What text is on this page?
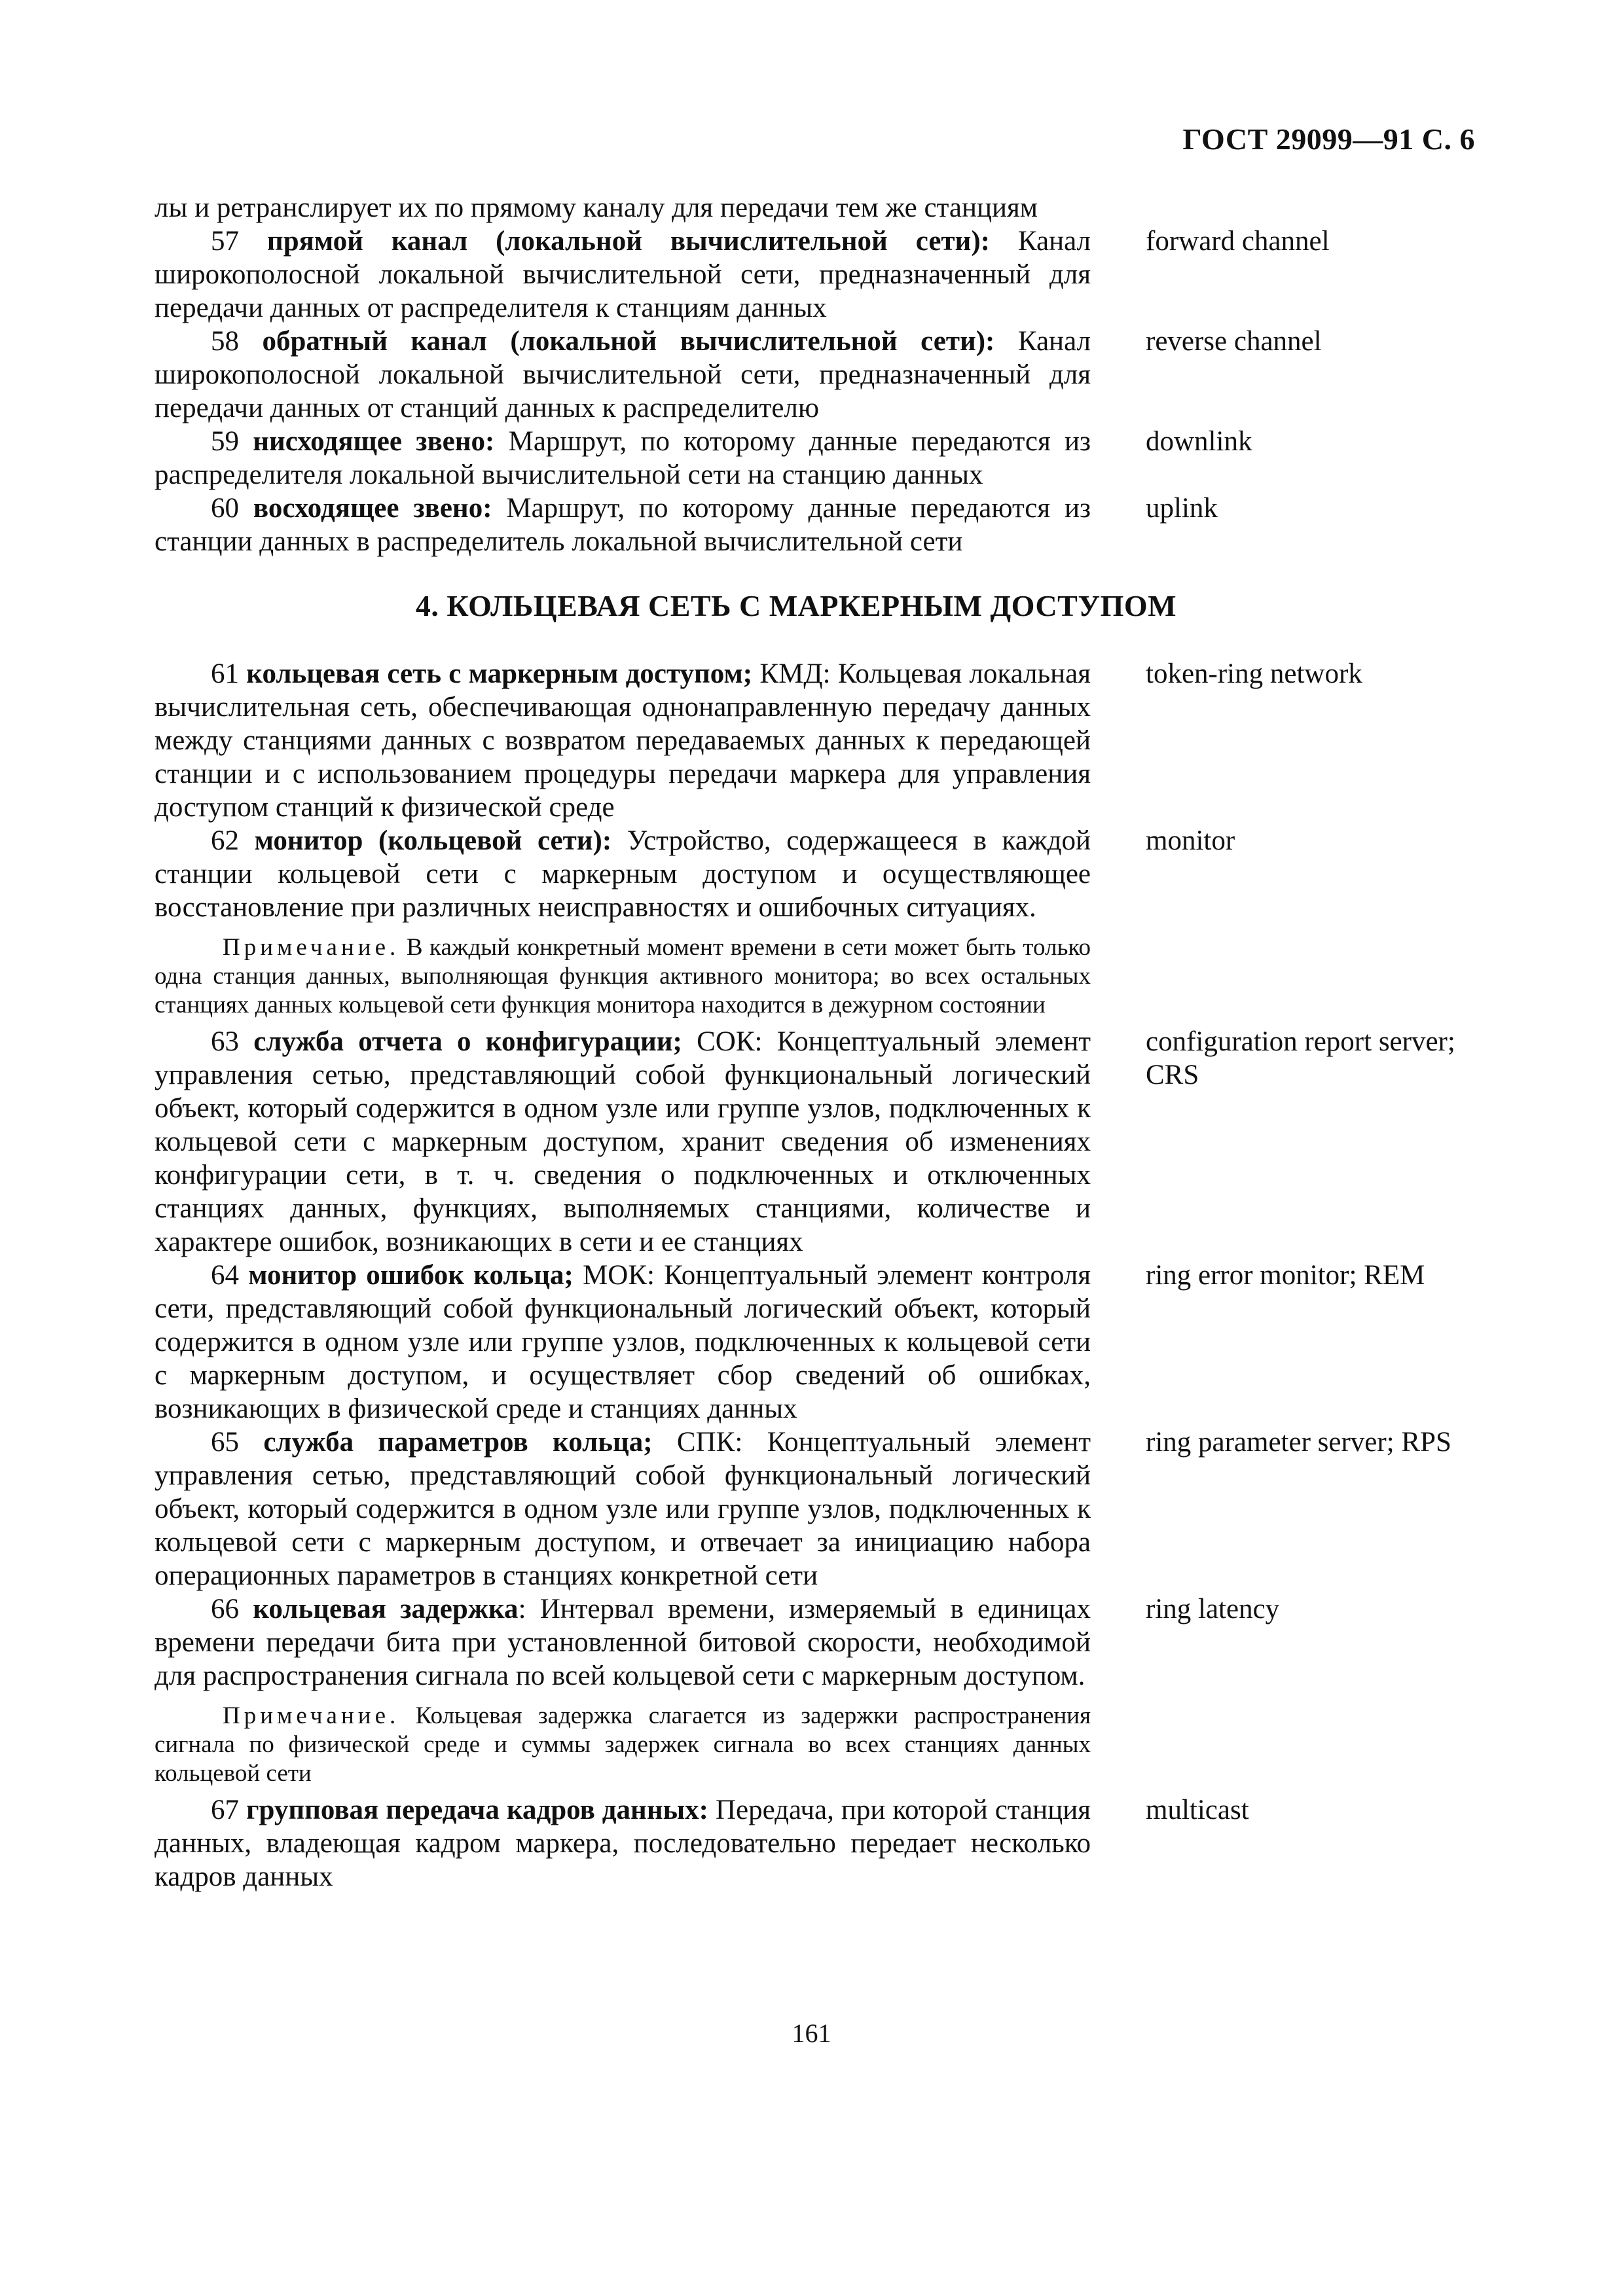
ГОСТ 29099—91 С. 6
лы и ретранслирует их по прямому каналу для передачи тем же станциям
57 прямой канал (локальной вычислительной сети): Канал широкополосной локальной вычислительной сети, предназначенный для передачи данных от распределителя к станциям данных
forward channel
58 обратный канал (локальной вычислительной сети): Канал широкополосной локальной вычислительной сети, предназначенный для передачи данных от станций данных к распределителю
reverse channel
59 нисходящее звено: Маршрут, по которому данные передаются из распределителя локальной вычислительной сети на станцию данных
downlink
60 восходящее звено: Маршрут, по которому данные передаются из станции данных в распределитель локальной вычислительной сети
uplink
4. КОЛЬЦЕВАЯ СЕТЬ С МАРКЕРНЫМ ДОСТУПОМ
61 кольцевая сеть с маркерным доступом; КМД: Кольцевая локальная вычислительная сеть, обеспечивающая однонаправленную передачу данных между станциями данных с возвратом передаваемых данных к передающей станции и с использованием процедуры передачи маркера для управления доступом станций к физической среде
token-ring network
62 монитор (кольцевой сети): Устройство, содержащееся в каждой станции кольцевой сети с маркерным доступом и осуществляющее восстановление при различных неисправностях и ошибочных ситуациях.
monitor
Примечание. В каждый конкретный момент времени в сети может быть только одна станция данных, выполняющая функция активного монитора; во всех остальных станциях данных кольцевой сети функция монитора находится в дежурном состоянии
63 служба отчета о конфигурации; СОК: Концептуальный элемент управления сетью, представляющий собой функциональный логический объект, который содержится в одном узле или группе узлов, подключенных к кольцевой сети с маркерным доступом, хранит сведения об изменениях конфигурации сети, в т. ч. сведения о подключенных и отключенных станциях данных, функциях, выполняемых станциями, количестве и характере ошибок, возникающих в сети и ее станциях
configuration report server; CRS
64 монитор ошибок кольца; МОК: Концептуальный элемент контроля сети, представляющий собой функциональный логический объект, который содержится в одном узле или группе узлов, подключенных к кольцевой сети с маркерным доступом, и осуществляет сбор сведений об ошибках, возникающих в физической среде и станциях данных
ring error monitor; REM
65 служба параметров кольца; СПК: Концептуальный элемент управления сетью, представляющий собой функциональный логический объект, который содержится в одном узле или группе узлов, подключенных к кольцевой сети с маркерным доступом, и отвечает за инициацию набора операционных параметров в станциях конкретной сети
ring parameter server; RPS
66 кольцевая задержка: Интервал времени, измеряемый в единицах времени передачи бита при установленной битовой скорости, необходимой для распространения сигнала по всей кольцевой сети с маркерным доступом.
ring latency
Примечание. Кольцевая задержка слагается из задержки распространения сигнала по физической среде и суммы задержек сигнала во всех станциях данных кольцевой сети
67 групповая передача кадров данных: Передача, при которой станция данных, владеющая кадром маркера, последовательно передает несколько кадров данных
multicast
161
